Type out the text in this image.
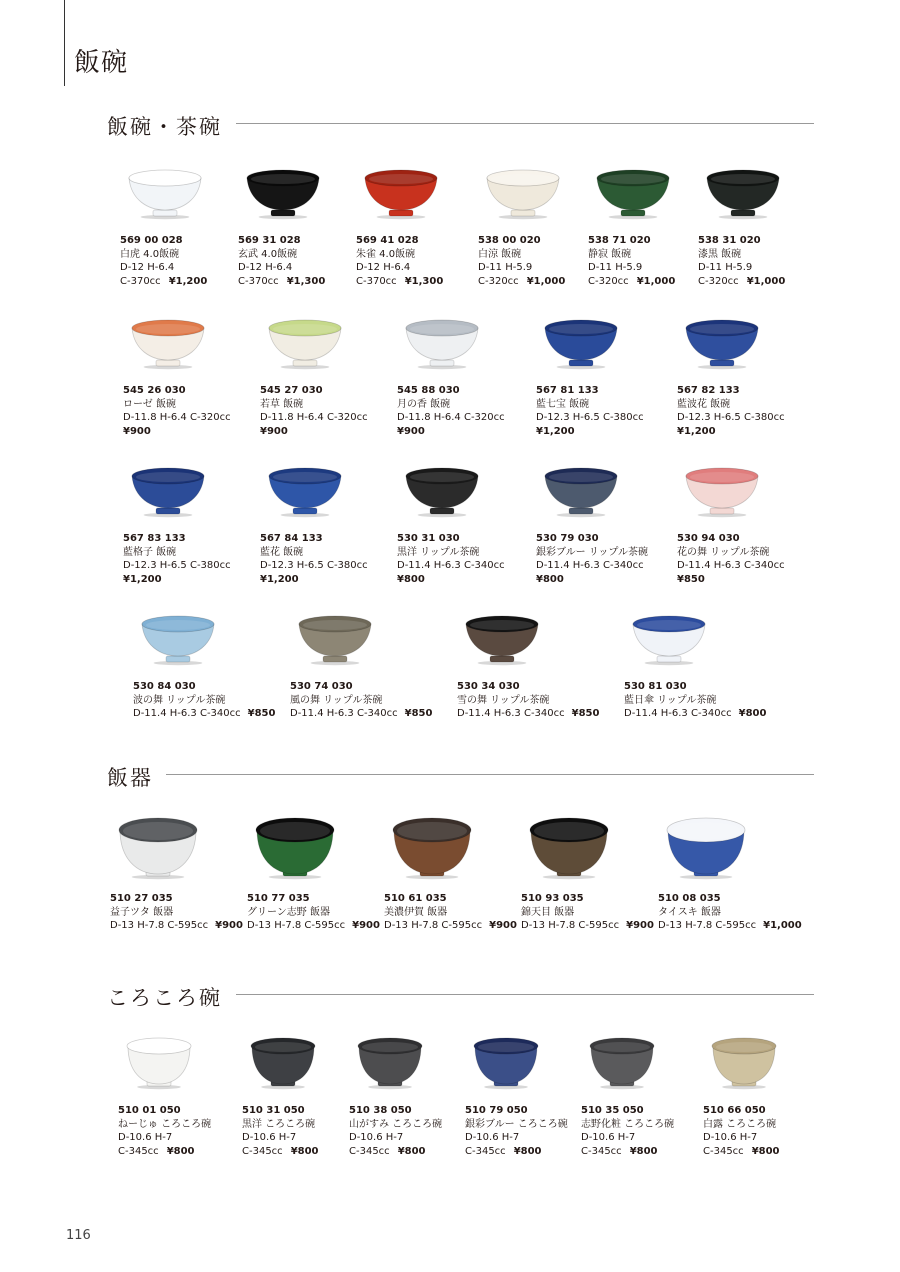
飯碗
飯碗・茶碗
飯器
ころころ碗
569 00 028
白虎 4.0飯碗
D-12 H-6.4
C-370cc ¥1,200
569 31 028
玄武 4.0飯碗
D-12 H-6.4
C-370cc ¥1,300
569 41 028
朱雀 4.0飯碗
D-12 H-6.4
C-370cc ¥1,300
538 00 020
白涼 飯碗
D-11 H-5.9
C-320cc ¥1,000
538 71 020
静寂 飯碗
D-11 H-5.9
C-320cc ¥1,000
538 31 020
漆黒 飯碗
D-11 H-5.9
C-320cc ¥1,000
545 26 030
ローゼ 飯碗
D-11.8 H-6.4 C-320cc
¥900
545 27 030
若草 飯碗
D-11.8 H-6.4 C-320cc
¥900
545 88 030
月の香 飯碗
D-11.8 H-6.4 C-320cc
¥900
567 81 133
藍七宝 飯碗
D-12.3 H-6.5 C-380cc
¥1,200
567 82 133
藍波花 飯碗
D-12.3 H-6.5 C-380cc
¥1,200
567 83 133
藍格子 飯碗
D-12.3 H-6.5 C-380cc
¥1,200
567 84 133
藍花 飯碗
D-12.3 H-6.5 C-380cc
¥1,200
530 31 030
黒洋 リップル茶碗
D-11.4 H-6.3 C-340cc
¥800
530 79 030
銀彩ブルー リップル茶碗
D-11.4 H-6.3 C-340cc
¥800
530 94 030
花の舞 リップル茶碗
D-11.4 H-6.3 C-340cc
¥850
530 84 030
波の舞 リップル茶碗
D-11.4 H-6.3 C-340cc ¥850
530 74 030
風の舞 リップル茶碗
D-11.4 H-6.3 C-340cc ¥850
530 34 030
雪の舞 リップル茶碗
D-11.4 H-6.3 C-340cc ¥850
530 81 030
藍日傘 リップル茶碗
D-11.4 H-6.3 C-340cc ¥800
510 27 035
益子ツタ 飯器
D-13 H-7.8 C-595cc ¥900
510 77 035
グリーン志野 飯器
D-13 H-7.8 C-595cc ¥900
510 61 035
美濃伊賀 飯器
D-13 H-7.8 C-595cc ¥900
510 93 035
錦天目 飯器
D-13 H-7.8 C-595cc ¥900
510 08 035
タイスキ 飯器
D-13 H-7.8 C-595cc ¥1,000
510 01 050
ねーじゅ ころころ碗
D-10.6 H-7
C-345cc ¥800
510 31 050
黒洋 ころころ碗
D-10.6 H-7
C-345cc ¥800
510 38 050
山がすみ ころころ碗
D-10.6 H-7
C-345cc ¥800
510 79 050
銀彩ブルー ころころ碗
D-10.6 H-7
C-345cc ¥800
510 35 050
志野化粧 ころころ碗
D-10.6 H-7
C-345cc ¥800
510 66 050
白露 ころころ碗
D-10.6 H-7
C-345cc ¥800
116
